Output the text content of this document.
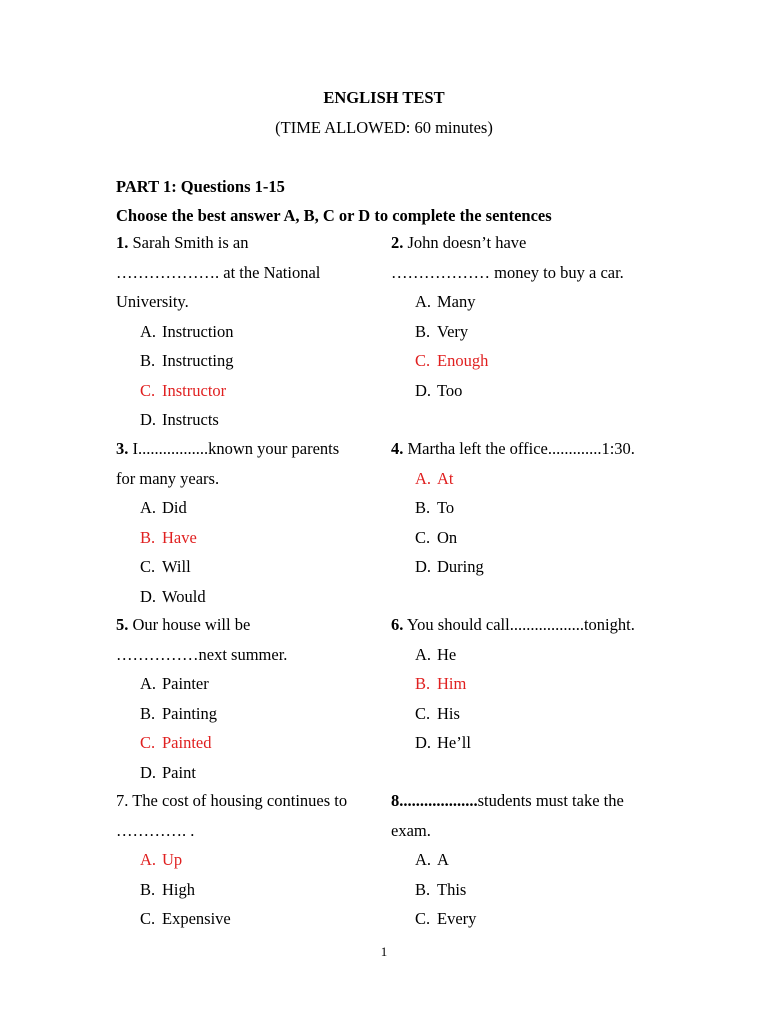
ENGLISH TEST
(TIME ALLOWED: 60 minutes)
PART 1: Questions 1-15
Choose the best answer A, B, C or D to complete the sentences

1. Sarah Smith is an

………………. at the National

University.

A. Instruction
B. Instructing
C. Instructor
D. Instructs

2. John doesn’t have

……………… money to buy a car.

A. Many
B. Very
C. Enough
D. Too

3. I.................known your parents

for many years.

A. Did
B. Have
C. Will
D. Would

4. Martha left the office.............1:30.

A. At
B. To
C. On
D. During

5. Our house will be

……………next summer.

A. Painter
B. Painting
C. Painted
D. Paint

6. You should call..................tonight.

A. He
B. Him
C. His
D. He’ll

7. The cost of housing continues to

…………. .

A. Up
B. High
C. Expensive

8...................students must take the

exam.

A. A
B. This
C. Every
1
